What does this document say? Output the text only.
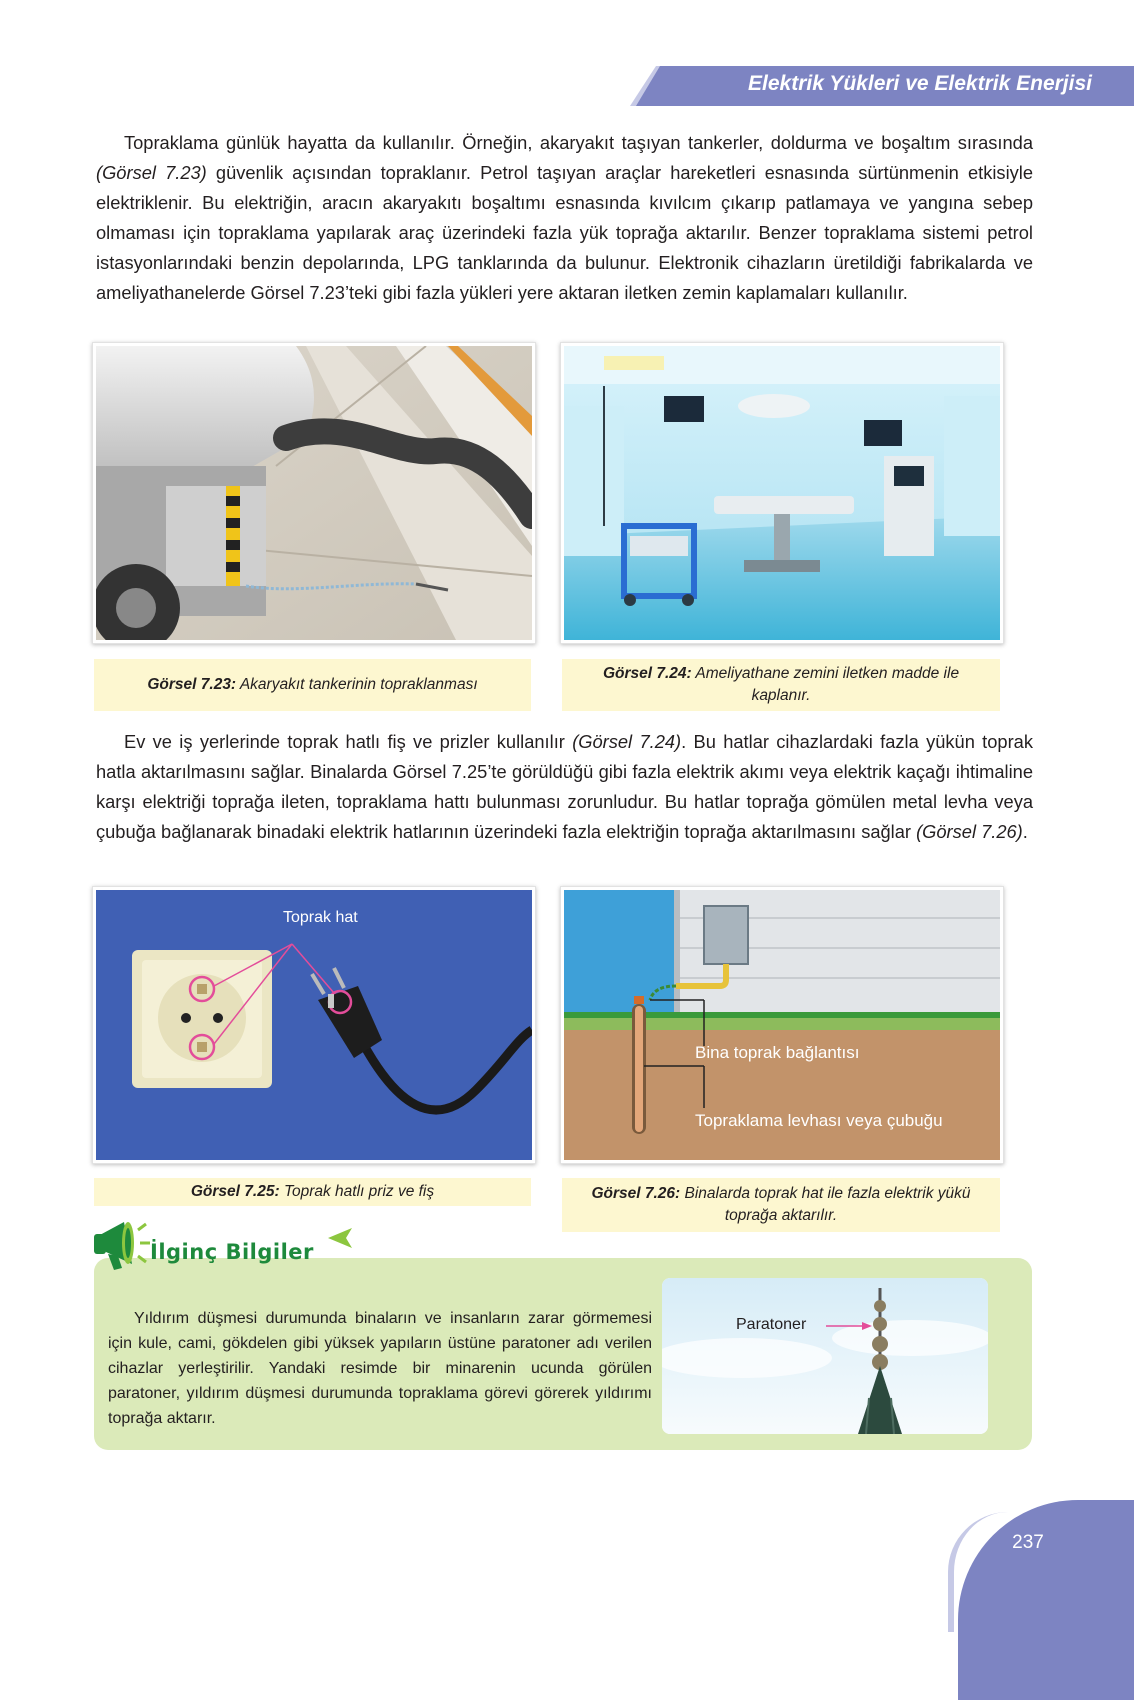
Elektrik Yükleri ve Elektrik Enerjisi

Topraklama günlük hayatta da kullanılır. Örneğin, akaryakıt taşıyan tankerler, doldurma ve boşaltım sırasında (Görsel 7.23) güvenlik açısından topraklanır. Petrol taşıyan araçlar hareketleri esnasında sürtünmenin etkisiyle elektriklenir. Bu elektriğin, aracın akaryakıtı boşaltımı esnasında kıvılcım çıkarıp patlamaya ve yangına sebep olmaması için topraklama yapılarak araç üzerindeki fazla yük toprağa aktarılır. Benzer topraklama sistemi petrol istasyonlarındaki benzin depolarında, LPG tanklarında da bulunur. Elektronik cihazların üretildiği fabrikalarda ve ameliyathanelerde Görsel 7.23’teki gibi fazla yükleri yere aktaran iletken zemin kaplamaları kullanılır.

Görsel 7.23: Akaryakıt tankerinin topraklanması
Görsel 7.24: Ameliyathane zemini iletken madde ile kaplanır.

Ev ve iş yerlerinde toprak hatlı fiş ve prizler kullanılır (Görsel 7.24). Bu hatlar cihazlardaki fazla yükün toprak hatla aktarılmasını sağlar. Binalarda Görsel 7.25’te görüldüğü gibi fazla elektrik akımı veya elektrik kaçağı ihtimaline karşı elektriği toprağa ileten, topraklama hattı bulunması zorunludur. Bu hatlar toprağa gömülen metal levha veya çubuğa bağlanarak binadaki elektrik hatlarının üzerindeki fazla elektriğin toprağa aktarılmasını sağlar (Görsel 7.26).

Toprak hat
Görsel 7.25: Toprak hatlı priz ve fiş
Bina toprak bağlantısı
Topraklama levhası veya çubuğu
Görsel 7.26: Binalarda toprak hat ile fazla elektrik yükü toprağa aktarılır.
İlginç Bilgiler

Yıldırım düşmesi durumunda binaların ve insanların zarar görmemesi için kule, cami, gökdelen gibi yüksek yapıların üstüne paratoner adı verilen cihazlar yerleştirilir. Yandaki resimde bir minarenin ucunda görülen paratoner, yıldırım düşmesi durumunda topraklama görevi görerek yıldırımı toprağa aktarır.

Paratoner
237
